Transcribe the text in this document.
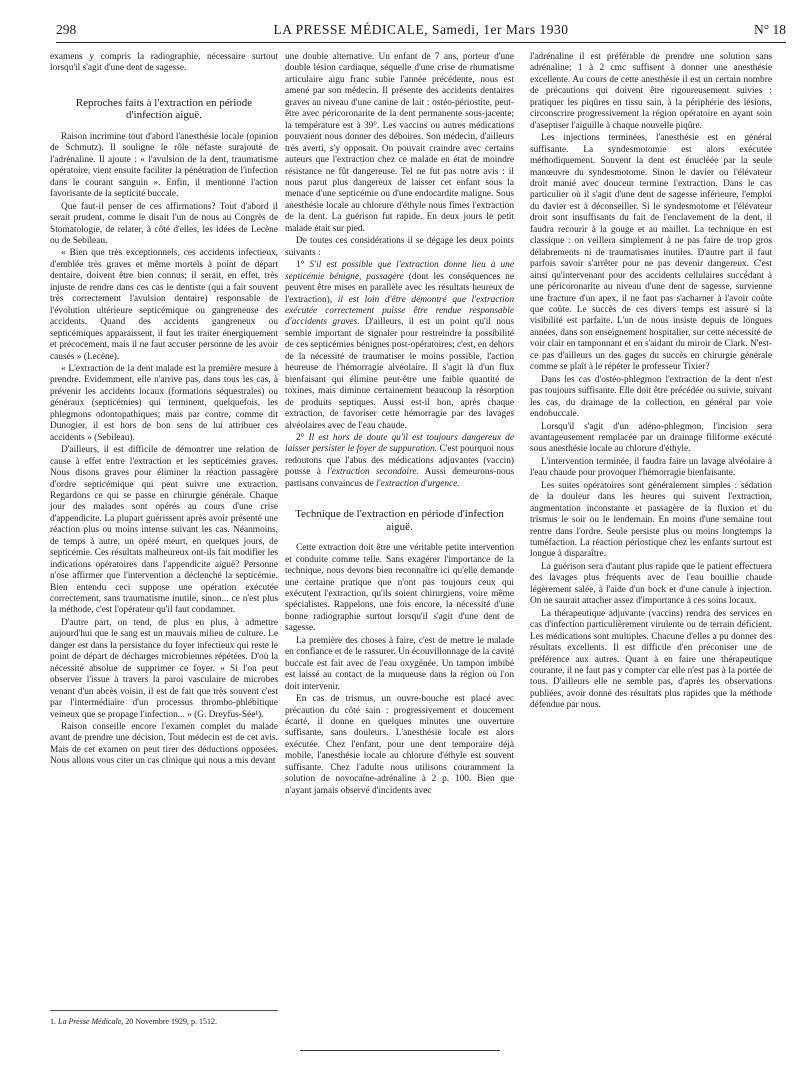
298	LA PRESSE MÉDICALE, Samedi, 1er Mars 1930	N° 18

examens y compris la radiographie, nécessaire surtout lorsqu'il s'agit d'une dent de sagesse.

Reproches faits à l'extraction en période d'infection aiguë.

Raison incrimine tout d'abord l'anesthésie locale (opinion de Schmutz). Il souligne le rôle néfaste surajouté de l'adrénaline. Il ajoute : « l'avulsion de la dent, traumatisme opératoire, vient ensuite faciliter la pénétration de l'infection dans le courant sanguin ». Enfin, il mentionne l'action favorisante de la septicité buccale.

Que faut-il penser de ces affirmations? Tout d'abord il serait prudent, comme le disait l'un de nous au Congrès de Stomatologie, de relater, à côté d'elles, les idées de Lecène ou de Sebileau.

« Bien que très exceptionnels, ces accidents infectieux, d'emblée très graves et même mortels à point de départ dentaire, doivent être bien connus; il serait, en effet, très injuste de rendre dans ces cas le dentiste (qui a fait souvent très correctement l'avulsion dentaire) responsable de l'évolution ultérieure septicémique ou gangreneuse des accidents. Quand des accidents gangreneux ou septicémiques apparaissent, il faut les traiter énergiquement et précocement, mais il ne faut accuser personne de les avoir causés » (Lecène).

« L'extraction de la dent malade est la première mesure à prendre. Evidemment, elle n'arrive pas, dans tous les cas, à prévenir les accidents locaux (formations séquestrales) ou généraux (septicémies) qui terminent, quelquefois, les phlegmons odontopathiques; mais par contre, comme dit Dunogier, il est hors de bon sens de lui attribuer ces accidents » (Sebileau).

D'ailleurs, il est difficile de démontrer une relation de cause à effet entre l'extraction et les septicémies graves. Nous disons graves pour éliminer la réaction passagère d'ordre septicémique qui peut suivre une extraction. Regardons ce qui se passe en chirurgie générale. Chaque jour des malades sont opérés au cours d'une crise d'appendicite. La plupart guérissent après avoir présenté une réaction plus ou moins intense suivant les cas. Néanmoins, de temps à autre, un opéré meurt, en quelques jours, de septicémie. Ces résultats malheureux ont-ils fait modifier les indications opératoires dans l'appendicite aiguë? Personne n'ose affirmer que l'intervention a déclenché la septicémie. Bien entendu ceci suppose une opération exécutée correctement, sans traumatisme inutile, sinon... ce n'est plus la méthode, c'est l'opérateur qu'il faut condamner.

D'autre part, on tend, de plus en plus, à admettre aujourd'hui que le sang est un mauvais milieu de culture. Le danger est dans la persistance du foyer infectieux qui reste le point de départ de décharges microbiennes répétées. D'où la nécessité absolue de supprimer ce foyer. « Si l'on peut observer l'issue à travers la paroi vasculaire de microbes venant d'un abcès voisin, il est de fait que très souvent c'est par l'intermédiaire d'un processus thrombo-phlébitique veineux que se propage l'infection... » (G. Dreyfus-Sée¹).

Raison conseille encore l'examen complet du malade avant de prendre une décision. Tout médecin est de cet avis. Mais de cet examen on peut tirer des déductions opposées. Nous allons vous citer un cas clinique qui nous a mis devant

une double alternative. Un enfant de 7 ans, porteur d'une double lésion cardiaque, séquelle d'une crise de rhumatisme articulaire aigu franc subie l'année précédente, nous est amené par son médecin. Il présente des accidents dentaires graves au niveau d'une canine de lait : ostéo-périostite, peut-être avec péricoronarite de la dent permanente sous-jacente; la température est à 39°. Les vaccins ou autres médications pouvaient nous donner des déboires. Son médecin, d'ailleurs très averti, s'y opposait. On pouvait craindre avec certains auteurs que l'extraction chez ce malade en état de moindre résistance ne fût dangereuse. Tel ne fut pas notre avis : il nous parut plus dangereux de laisser cet enfant sous la menace d'une septicémie ou d'une endocardite maligne. Sous anesthésie locale au chlorure d'éthyle nous fîmes l'extraction de la dent. La guérison fut rapide. En deux jours le petit malade était sur pied.

De toutes ces considérations il se dégage les deux points suivants :

1° S'il est possible que l'extraction donne lieu à une septicémie bénigne, passagère (dont les conséquences ne peuvent être mises en parallèle avec les résultats heureux de l'extraction), il est loin d'être démontré que l'extraction exécutée correctement puisse être rendue responsable d'accidents graves. D'ailleurs, il est un point qu'il nous semble important de signaler pour restreindre la possibilité de ces septicémies bénignes post-opératoires; c'est, en dehors de la nécessité de traumatiser le moins possible, l'action heureuse de l'hémorragie alvéolaire. Il s'agit là d'un flux bienfaisant qui élimine peut-être une faible quantité de toxines, mais diminue certainement beaucoup la résorption de produits septiques. Aussi est-il bon, après chaque extraction, de favoriser cette hémorragie par des lavages alvéolaires avec de l'eau chaude.

2° Il est hors de doute qu'il est toujours dangereux de laisser persister le foyer de suppuration. C'est pourquoi nous redoutons que l'abus des médications adjuvantes (vaccin) pousse à l'extraction secondaire. Aussi demeurons-nous partisans convaincus de l'extraction d'urgence.

Technique de l'extraction en période d'infection aiguë.

Cette extraction doit être une véritable petite intervention et conduite comme telle. Sans exagérer l'importance de la technique, nous devons bien reconnaître ici qu'elle demande une certaine pratique que n'ont pas toujours ceux qui exécutent l'extraction, qu'ils soient chirurgiens, voire même spécialistes. Rappelons, une fois encore, la nécessité d'une bonne radiographie surtout lorsqu'il s'agit d'une dent de sagesse.

La première des choses à faire, c'est de mettre le malade en confiance et de le rassurer. Un écouvillonnage de la cavité buccale est fait avec de l'eau oxygénée. Un tampon imbibé est laissé au contact de la muqueuse dans la région où l'on doit intervenir.

En cas de trismus, un ouvre-bouche est placé avec précaution du côté sain : progressivement et doucement écarté, il donne en quelques minutes une ouverture suffisante, sans douleurs. L'anesthésie locale est alors exécutée. Chez l'enfant, pour une dent temporaire déjà mobile, l'anesthésie locale au chlorure d'éthyle est souvent suffisante. Chez l'adulte nous utilisons couramment la solution de novocaïne-adrénaline à 2 p. 100. Bien que n'ayant jamais observé d'incidents avec

l'adrénaline il est préférable de prendre une solution sans adrénaline; 1 à 2 cmc suffisent à donner une anesthésie excellente. Au cours de cette anesthésie il est un certain nombre de précautions qui doivent être rigoureusement suivies : pratiquer les piqûres en tissu sain, à la périphérie des lésions, circonscrire progressivement la région opératoire en ayant soin d'aseptiser l'aiguille à chaque nouvelle piqûre.

Les injections terminées, l'anesthésie est en général suffisante. La syndesmotomie est alors exécutée méthodiquement. Souvent la dent est énucléée par la seule manœuvre du syndesmotome. Sinon le davier ou l'élévateur droit manié avec douceur termine l'extraction. Dans le cas particulier où il s'agit d'une dent de sagesse inférieure, l'emploi du davier est à déconseiller. Si le syndesmotome et l'élévateur droit sont insuffisants du fait de l'enclavement de la dent, il faudra recourir à la gouge et au maillet. La technique en est classique : on veillera simplement à ne pas faire de trop gros délabrements ni de traumatismes inutiles. D'autre part il faut parfois savoir s'arrêter pour ne pas devenir dangereux. C'est ainsi qu'intervenant pour des accidents cellulaires succédant à une péricoronarite au niveau d'une dent de sagesse, survienne une fracture d'un apex, il ne faut pas s'acharner à l'avoir coûte que coûte. Le succès de ces divers temps est assuré si la visibilité est parfaite. L'un de nous insiste depuis de longues années, dans son enseignement hospitalier, sur cette nécessité de voir clair en tamponnant et en s'aidant du miroir de Clark. N'est-ce pas d'ailleurs un des gages du succès en chirurgie générale comme se plaît à le répéter le professeur Tixier?

Dans les cas d'ostéo-phlegmon l'extraction de la dent n'est pas toujours suffisante. Elle doit être précédée ou suivie, suivant les cas, du drainage de la collection, en général par voie endobuccale.

Lorsqu'il s'agit d'un adéno-phlegmon, l'incision sera avantageusement remplacée par un drainage filiforme exécuté sous anesthésie locale au chlorure d'éthyle.

L'intervention terminée, il faudra faire un lavage alvéolaire à l'eau chaude pour provoquer l'hémorragie bienfaisante.

Les suites opératoires sont généralement simples : sédation de la douleur dans les heures qui suivent l'extraction, augmentation inconstante et passagère de la fluxion et du trismus le soir ou le lendemain. En moins d'une semaine tout rentre dans l'ordre. Seule persiste plus ou moins longtemps la tuméfaction. La réaction périostique chez les enfants surtout est longue à disparaître.

La guérison sera d'autant plus rapide que le patient effectuera des lavages plus fréquents avec de l'eau bouillie chaude légèrement salée, à l'aide d'un bock et d'une canule à injection. On ne saurait attacher assez d'importance à ces soins locaux.

La thérapeutique adjuvante (vaccins) rendra des services en cas d'infection particulièrement virulente ou de terrain déficient. Les médications sont multiples. Chacune d'elles a pu donner des résultats excellents. Il est difficile d'en préconiser une de préférence aux autres. Quant à en faire une thérapeutique courante, il ne faut pas y compter car elle n'est pas à la portée de tous. D'ailleurs elle ne semble pas, d'après les observations publiées, avoir donné des résultats plus rapides que la méthode défendue par nous.

1. La Presse Médicale, 20 Novembre 1929, p. 1512.
